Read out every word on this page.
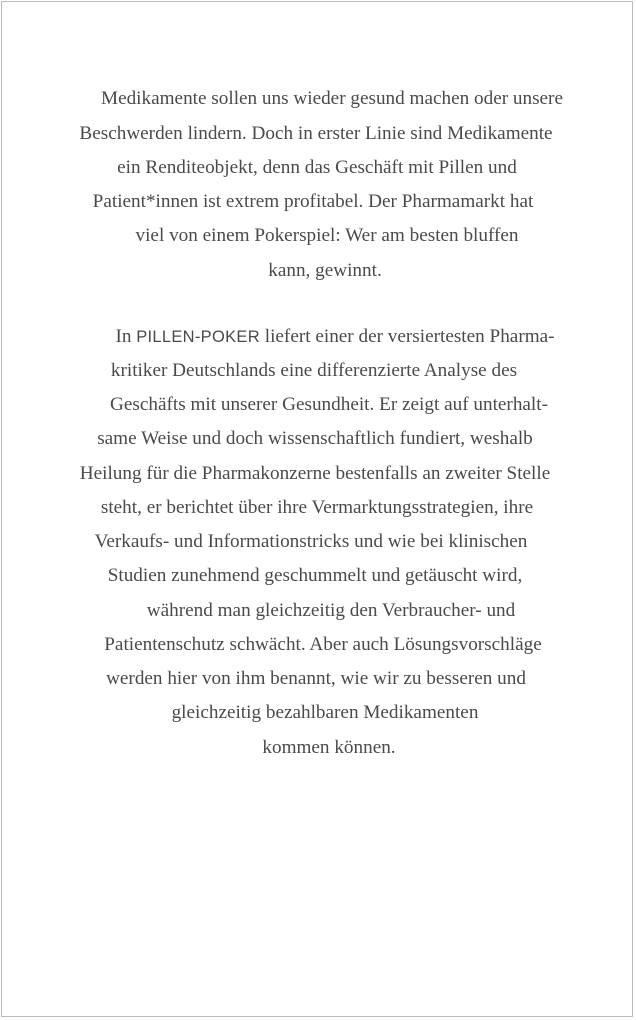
Medikamente sollen uns wieder gesund machen oder unsere
Beschwerden lindern. Doch in erster Linie sind Medikamente
ein Renditeobjekt, denn das Geschäft mit Pillen und
Patient*innen ist extrem profitabel. Der Pharmamarkt hat
viel von einem Pokerspiel: Wer am besten bluffen
kann, gewinnt.
In PILLEN-POKER liefert einer der versiertesten Pharma-
kritiker Deutschlands eine differenzierte Analyse des
Geschäfts mit unserer Gesundheit. Er zeigt auf unterhalt-
same Weise und doch wissenschaftlich fundiert, weshalb
Heilung für die Pharmakonzerne bestenfalls an zweiter Stelle
steht, er berichtet über ihre Vermarktungsstrategien, ihre
Verkaufs- und Informationstricks und wie bei klinischen
Studien zunehmend geschummelt und getäuscht wird,
während man gleichzeitig den Verbraucher- und
Patientenschutz schwächt. Aber auch Lösungsvorschläge
werden hier von ihm benannt, wie wir zu besseren und
gleichzeitig bezahlbaren Medikamenten
kommen können.
